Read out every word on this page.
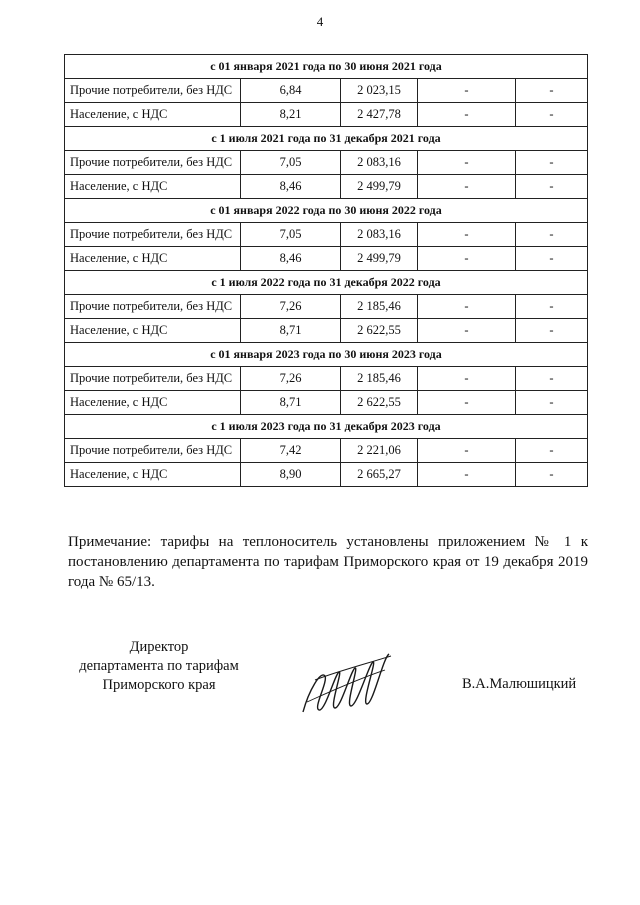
4
с 01 января 2021 года по 30 июня 2021 года				
Прочие потребители, без НДС	6,84	2 023,15	-	-
Население, с НДС	8,21	2 427,78	-	-
с 1 июля 2021 года по 31 декабря 2021 года				
Прочие потребители, без НДС	7,05	2 083,16	-	-
Население, с НДС	8,46	2 499,79	-	-
с 01 января 2022 года по 30 июня 2022 года				
Прочие потребители, без НДС	7,05	2 083,16	-	-
Население, с НДС	8,46	2 499,79	-	-
с 1 июля 2022 года по 31 декабря 2022 года				
Прочие потребители, без НДС	7,26	2 185,46	-	-
Население, с НДС	8,71	2 622,55	-	-
с 01 января 2023 года по 30 июня 2023 года				
Прочие потребители, без НДС	7,26	2 185,46	-	-
Население, с НДС	8,71	2 622,55	-	-
с 1 июля 2023 года по 31 декабря 2023 года				
Прочие потребители, без НДС	7,42	2 221,06	-	-
Население, с НДС	8,90	2 665,27	-	-
Примечание: тарифы на теплоноситель установлены приложением № 1 к постановлению департамента по тарифам Приморского края от 19 декабря 2019 года № 65/13.
Директор
департамента по тарифам
Приморского края	В.А.Малюшицкий
